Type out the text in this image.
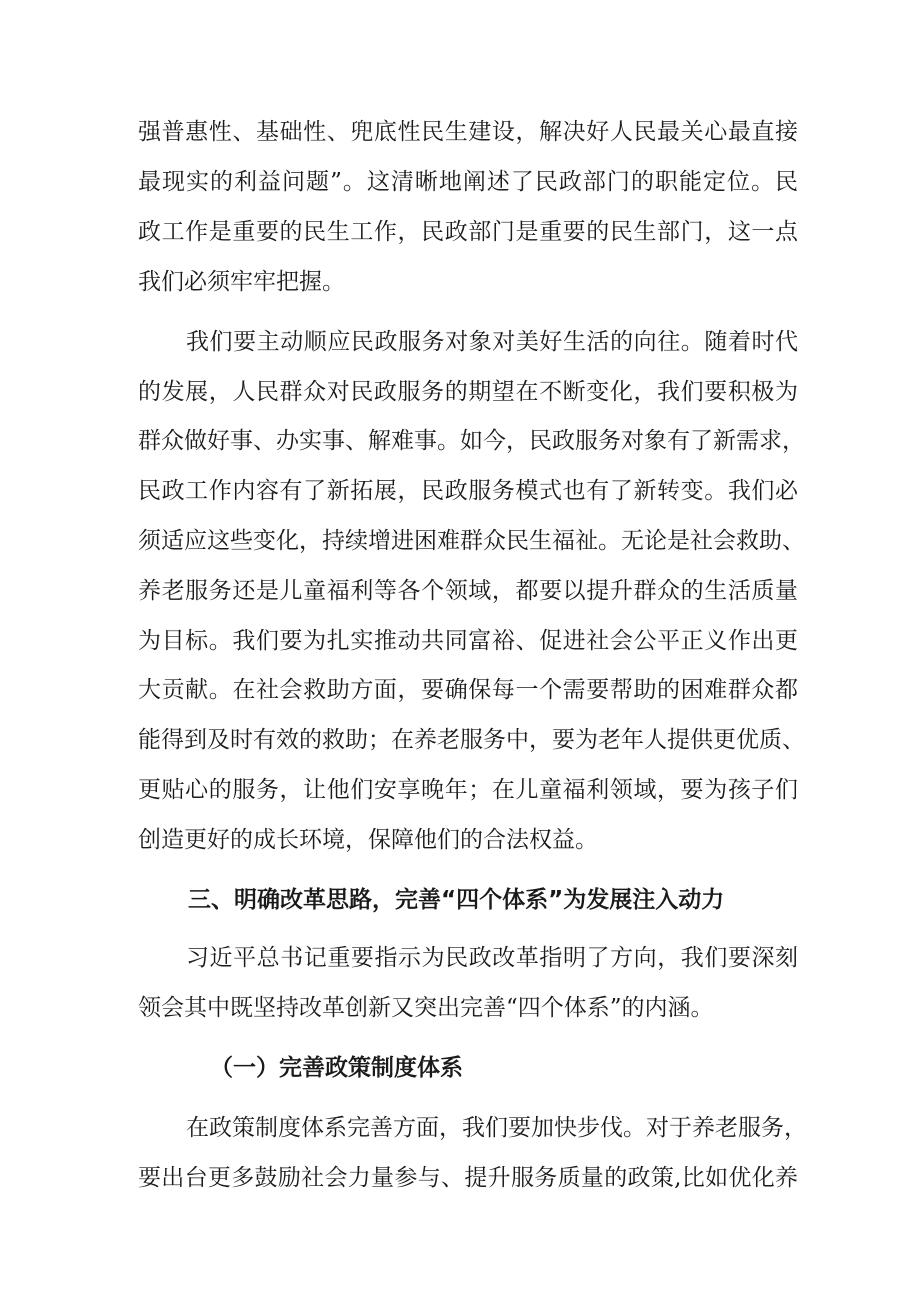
强普惠性、基础性、兜底性民生建设，解决好人民最关心最直接
最现实的利益问题”。这清晰地阐述了民政部门的职能定位。民
政工作是重要的民生工作，民政部门是重要的民生部门，这一点
我们必须牢牢把握。
我们要主动顺应民政服务对象对美好生活的向往。随着时代
的发展，人民群众对民政服务的期望在不断变化，我们要积极为
群众做好事、办实事、解难事。如今，民政服务对象有了新需求，
民政工作内容有了新拓展，民政服务模式也有了新转变。我们必
须适应这些变化，持续增进困难群众民生福祉。无论是社会救助、
养老服务还是儿童福利等各个领域，都要以提升群众的生活质量
为目标。我们要为扎实推动共同富裕、促进社会公平正义作出更
大贡献。在社会救助方面，要确保每一个需要帮助的困难群众都
能得到及时有效的救助；在养老服务中，要为老年人提供更优质、
更贴心的服务，让他们安享晚年；在儿童福利领域，要为孩子们
创造更好的成长环境，保障他们的合法权益。
三、明确改革思路，完善“四个体系”为发展注入动力
习近平总书记重要指示为民政改革指明了方向，我们要深刻
领会其中既坚持改革创新又突出完善“四个体系”的内涵。
（一）完善政策制度体系
在政策制度体系完善方面，我们要加快步伐。对于养老服务，
要出台更多鼓励社会力量参与、提升服务质量的政策,比如优化养
